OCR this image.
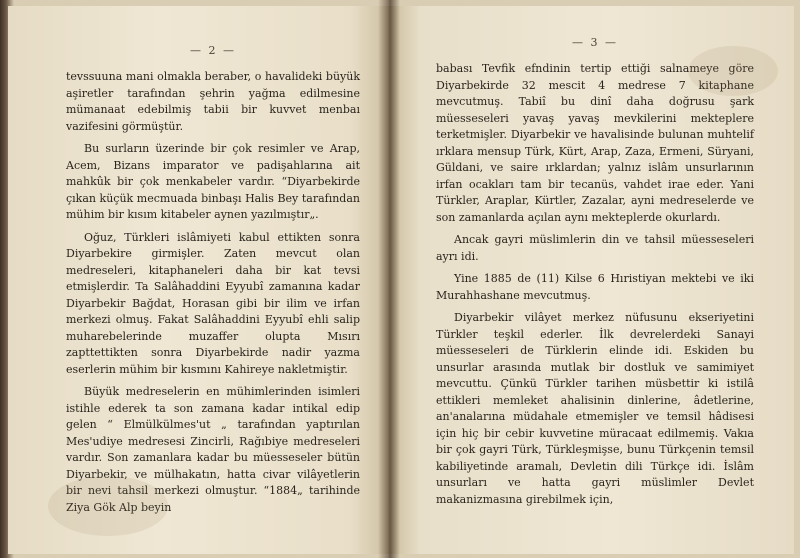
— 2 —

tevssuuna mani olmakla beraber, o havalideki büyük aşiretler tarafından şehrin yağma edilmesine mümanaat edebilmiş tabii bir kuvvet menbaı vazifesini görmüştür.

Bu surların üzerinde bir çok resimler ve Arap, Acem, Bizans imparator ve padişahlarına ait mahkûk bir çok menkabeler vardır. “Diyarbekirde çıkan küçük mecmuada binbaşı Halis Bey tarafından mühim bir kısım kitabeler aynen yazılmıştır„.

Oğuz, Türkleri islâmiyeti kabul ettikten sonra Diyarbekire girmişler. Zaten mevcut olan medreseleri, kitaphaneleri daha bir kat tevsi etmişlerdir. Ta Salâhaddini Eyyubî zamanına kadar Diyarbekir Bağdat, Horasan gibi bir ilim ve irfan merkezi olmuş. Fakat Salâhaddini Eyyubî ehli salip muharebelerinde muzaffer olupta Mısırı zapttettikten sonra Diyarbekirde nadir yazma eserlerin mühim bir kısmını Kahireye nakletmiştir.

Büyük medreselerin en mühimlerinden isimleri istihle ederek ta son zamana kadar intikal edip gelen “ Elmülkülmes'ut „ tarafından yaptırılan Mes'udiye medresesi Zincirli, Rağıbiye medreseleri vardır. Son zamanlara kadar bu müesseseler bütün Diyarbekir, ve mülhakatın, hatta civar vilâyetlerin bir nevi tahsil merkezi olmuştur. “1884„ tarihinde Ziya Gök Alp beyin

— 3 —

babası Tevfik efndinin tertip ettiği salnameye göre Diyarbekirde 32 mescit 4 medrese 7 kitaphane mevcutmuş. Tabiî bu dinî daha doğrusu şark müesseseleri yavaş yavaş mevkilerini mekteplere terketmişler. Diyarbekir ve havalisinde bulunan muhtelif ırklara mensup Türk, Kürt, Arap, Zaza, Ermeni, Süryani, Güldani, ve saire ırklardan; yalnız islâm unsurlarının irfan ocakları tam bir tecanüs, vahdet irae eder. Yani Türkler, Araplar, Kürtler, Zazalar, ayni medreselerde ve son zamanlarda açılan aynı mekteplerde okurlardı.

Ancak gayri müslimlerin din ve tahsil müesseseleri ayrı idi.

Yine 1885 de (11) Kilse 6 Hıristiyan mektebi ve iki Murahhashane mevcutmuş.

Diyarbekir vilâyet merkez nüfusunu ekseriyetini Türkler teşkil ederler. İlk devrelerdeki Sanayi müesseseleri de Türklerin elinde idi. Eskiden bu unsurlar arasında mutlak bir dostluk ve samimiyet mevcuttu. Çünkü Türkler tarihen müsbettir ki istilâ ettikleri memleket ahalisinin dinlerine, âdetlerine, an'analarına müdahale etmemişler ve temsil hâdisesi için hiç bir cebir kuvvetine müracaat edilmemiş. Vakıa bir çok gayri Türk, Türkleşmişse, bunu Türkçenin temsil kabiliyetinde aramalı, Devletin dili Türkçe idi. İslâm unsurları ve hatta gayri müslimler Devlet makanizmasına girebilmek için,
